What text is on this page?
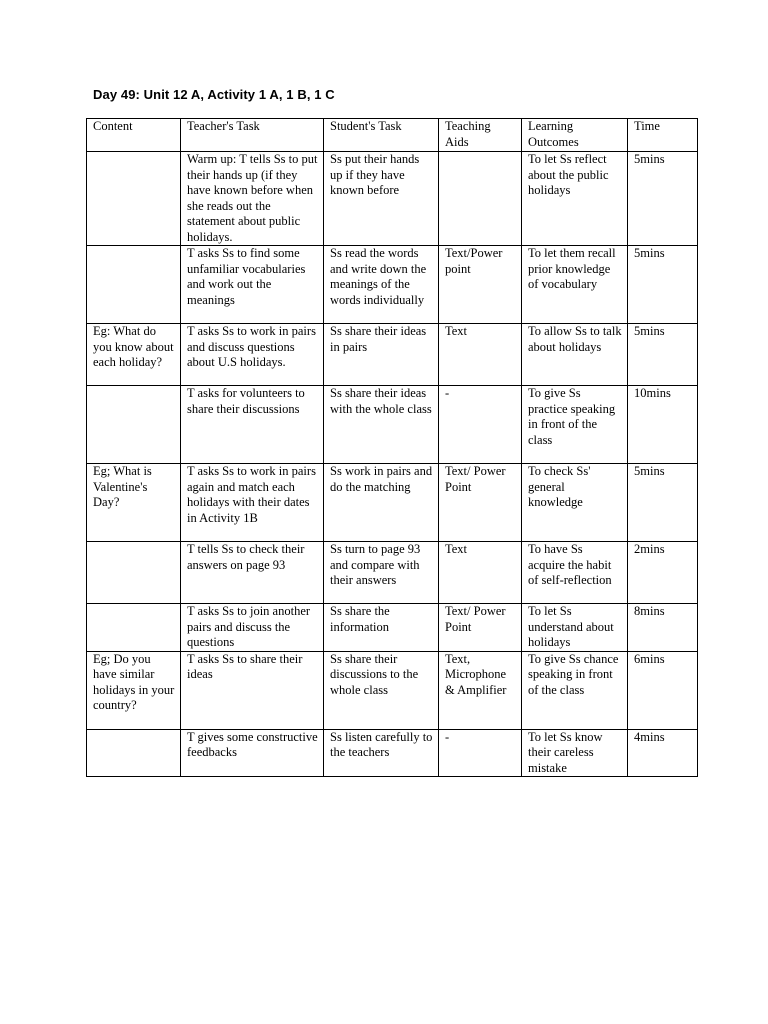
Day 49: Unit 12 A, Activity 1 A, 1 B, 1 C
Content	Teacher's Task	Student's Task	Teaching Aids	Learning Outcomes	Time
	Warm up: T tells Ss to put their hands up (if they have known before when she reads out the statement about public holidays.	Ss put their hands up if they have known before		To let Ss reflect about the public holidays	5mins
	T asks Ss to find some unfamiliar vocabularies and work out the meanings	Ss read the words and write down the meanings of the words individually	Text/Power point	To let them recall prior knowledge of vocabulary	5mins
Eg: What do you know about each holiday?	T asks Ss to work in pairs and discuss questions about U.S holidays.	Ss share their ideas in pairs	Text	To allow Ss to talk about holidays	5mins
	T asks for volunteers to share their discussions	Ss share their ideas with the whole class	-	To give Ss practice speaking in front of the class	10mins
Eg; What is Valentine's Day?	T asks Ss to work in pairs again and match each holidays with their dates in Activity 1B	Ss work in pairs and do the matching	Text/ Power Point	To check Ss' general knowledge	5mins
	T tells Ss to check their answers on page 93	Ss turn to page 93 and compare with their answers	Text	To have Ss acquire the habit of self-reflection	2mins
	T asks Ss to join another pairs and discuss the questions	Ss share the information	Text/ Power Point	To let Ss understand about holidays	8mins
Eg; Do you have similar holidays in your country?	T asks Ss to share their ideas	Ss share their discussions to the whole class	Text, Microphone & Amplifier	To give Ss chance speaking in front of the class	6mins
	T gives some constructive feedbacks	Ss listen carefully to the teachers	-	To let Ss know their careless mistake	4mins
